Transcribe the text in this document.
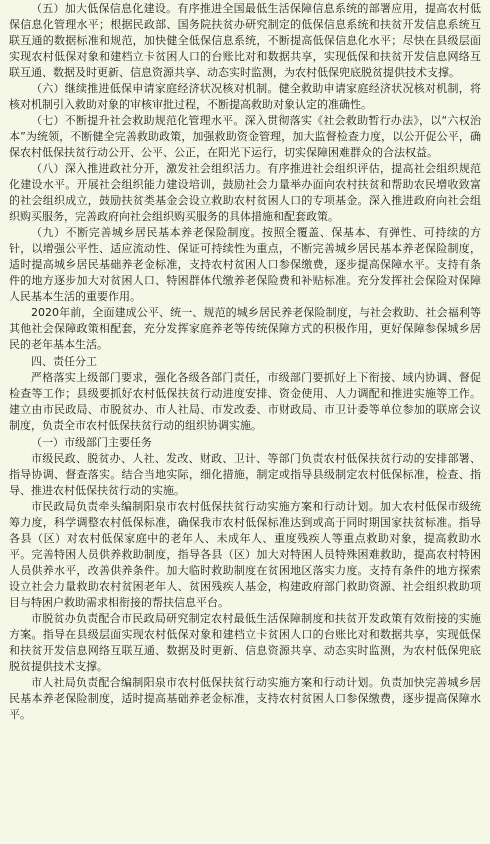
（五）加大低保信息化建设。有序推进全国最低生活保障信息系统的部署应用，提高农村低保信息化管理水平；根据民政部、国务院扶贫办研究制定的低保信息系统和扶贫开发信息系统互联互通的数据标准和规范，加快健全低保信息系统，不断提高低保信息化水平；尽快在县级层面实现农村低保对象和建档立卡贫困人口的台账比对和数据共享，实现低保和扶贫开发信息网络互联互通、数据及时更新、信息资源共享、动态实时监测，为农村低保兜底脱贫提供技术支撑。

（六）继续推进低保申请家庭经济状况核对机制。健全救助申请家庭经济状况核对机制，将核对机制引入救助对象的审核审批过程，不断提高救助对象认定的准确性。

（七）不断提升社会救助规范化管理水平。深入贯彻落实《社会救助暂行办法》，以“六权治本”为统领，不断健全完善救助政策，加强救助资金管理，加大监督检查力度，以公开促公平，确保农村低保扶贫行动公开、公平、公正，在阳光下运行，切实保障困难群众的合法权益。

（八）深入推进政社分开，激发社会组织活力。有序推进社会组织评估，提高社会组织规范化建设水平。开展社会组织能力建设培训，鼓励社会力量举办面向农村扶贫和帮助农民增收致富的社会组织成立，鼓励扶贫类基金会设立救助农村贫困人口的专项基金。深入推进政府向社会组织购买服务，完善政府向社会组织购买服务的具体措施和配套政策。

（九）不断完善城乡居民基本养老保险制度。按照全覆盖、保基本、有弹性、可持续的方针，以增强公平性、适应流动性、保证可持续性为重点，不断完善城乡居民基本养老保险制度，适时提高城乡居民基础养老金标准，支持农村贫困人口参保缴费，逐步提高保障水平。支持有条件的地方逐步加大对贫困人口、特困群体代缴养老保险费和补贴标准。充分发挥社会保险对保障人民基本生活的重要作用。

2020年前，全面建成公平、统一、规范的城乡居民养老保险制度，与社会救助、社会福利等其他社会保障政策相配套，充分发挥家庭养老等传统保障方式的积极作用，更好保障参保城乡居民的老年基本生活。

四、责任分工

严格落实上级部门要求，强化各级各部门责任，市级部门要抓好上下衔接、域内协调、督促检查等工作；县级要抓好农村低保扶贫行动进度安排、资金使用、人力调配和推进实施等工作。建立由市民政局、市脱贫办、市人社局、市发改委、市财政局、市卫计委等单位参加的联席会议制度，负责全市农村低保扶贫行动的组织协调实施。

（一）市级部门主要任务

市级民政、脱贫办、人社、发改、财政、卫计、等部门负责农村低保扶贫行动的安排部署、指导协调、督查落实。结合当地实际，细化措施，制定或指导县级制定农村低保标准，检查、指导、推进农村低保扶贫行动的实施。

市民政局负责牵头编制阳泉市农村低保扶贫行动实施方案和行动计划。加大农村低保市级统筹力度，科学调整农村低保标准，确保我市农村低保标准达到或高于同时期国家扶贫标准。指导各县（区）对农村低保家庭中的老年人、未成年人、重度残疾人等重点救助对象，提高救助水平。完善特困人员供养救助制度，指导各县（区）加大对特困人员特殊困难救助，提高农村特困人员供养水平，改善供养条件。加大临时救助制度在贫困地区落实力度。支持有条件的地方探索设立社会力量救助农村贫困老年人、贫困残疾人基金，构建政府部门救助资源、社会组织救助项目与特困户救助需求相衔接的帮扶信息平台。

市脱贫办负责配合市民政局研究制定农村最低生活保障制度和扶贫开发政策有效衔接的实施方案。指导在县级层面实现农村低保对象和建档立卡贫困人口的台账比对和数据共享，实现低保和扶贫开发信息网络互联互通、数据及时更新、信息资源共享、动态实时监测，为农村低保兜底脱贫提供技术支撑。

市人社局负责配合编制阳泉市农村低保扶贫行动实施方案和行动计划。负责加快完善城乡居民基本养老保险制度，适时提高基础养老金标准，支持农村贫困人口参保缴费，逐步提高保障水平。
